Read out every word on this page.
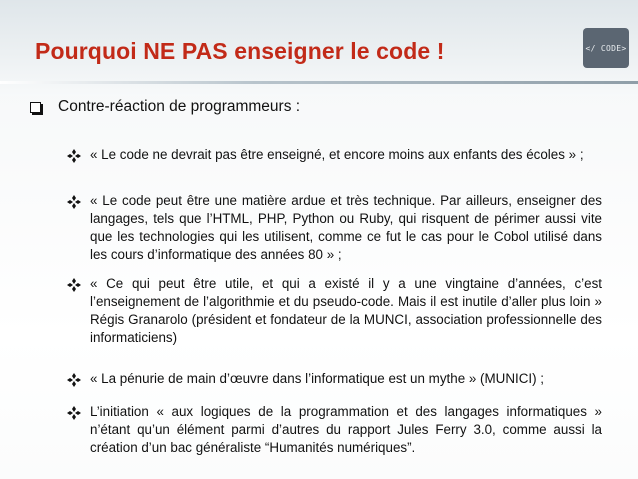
Pourquoi NE PAS enseigner le code !	</ CODE>
Contre-réaction de programmeurs :
« Le code ne devrait pas être enseigné, et encore moins aux enfants des écoles » ;
« Le code peut être une matière ardue et très technique. Par ailleurs, enseigner des langages, tels que l’HTML, PHP, Python ou Ruby, qui risquent de périmer aussi vite que les technologies qui les utilisent, comme ce fut le cas pour le Cobol utilisé dans les cours d’informatique des années 80 » ;
« Ce qui peut être utile, et qui a existé il y a une vingtaine d’années, c’est l’enseignement de l’algorithmie et du pseudo-code. Mais il est inutile d’aller plus loin » Régis Granarolo (président et fondateur de la MUNCI, association professionnelle des informaticiens)
« La pénurie de main d’œuvre dans l’informatique est un mythe » (MUNICI) ;
L’initiation « aux logiques de la programmation et des langages informatiques » n’étant qu’un élément parmi d’autres du rapport Jules Ferry 3.0, comme aussi la création d’un bac généraliste “Humanités numériques”.
